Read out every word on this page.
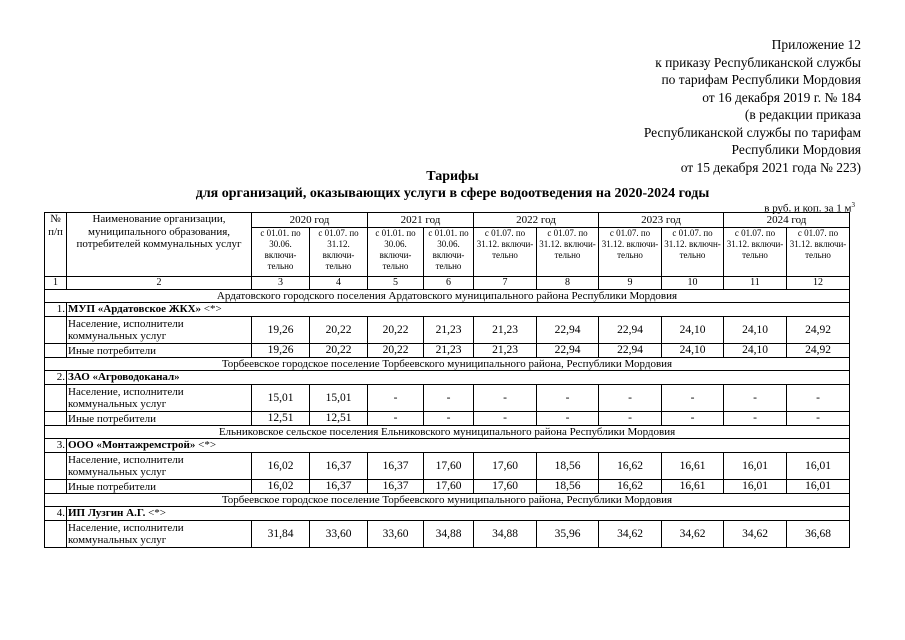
Приложение 12
к приказу Республиканской службы
по тарифам Республики Мордовия
от 16 декабря 2019 г. № 184
(в редакции приказа
Республиканской службы по тарифам
Республики Мордовия
от 15 декабря 2021 года № 223)
Тарифы
для организаций, оказывающих услуги в сфере водоотведения на 2020-2024 годы
в руб. и коп. за 1 $м^3$
№ п/п	Наименование организации, муниципального образования, потребителей коммунальных услуг	2020 год		2021 год		2022 год		2023 год		2024 год	
		с 01.01. по 30.06. включи-тельно	с 01.07. по 31.12. включи-тельно	с 01.01. по 30.06. включи-тельно	с 01.01. по 30.06. включи-тельно	с 01.07. по 31.12. включи-тельно	с 01.07. по 31.12. включи-тельно	с 01.07. по 31.12. включи-тельно	с 01.07. по 31.12. включн-тельно	с 01.07. по 31.12. включи-тельно	с 01.07. по 31.12. включи-тельно
1	2	3	4	5	6	7	8	9	10	11	12
Ардатовского городского поселения Ардатовского муниципального района Республики Мордовия											
1.	МУП «Ардатовское ЖКХ» <*>										
	Население, исполнители коммунальных услуг	19,26	20,22	20,22	21,23	21,23	22,94	22,94	24,10	24,10	24,92
	Иные потребители	19,26	20,22	20,22	21,23	21,23	22,94	22,94	24,10	24,10	24,92
Торбеевское городское поселение Торбеевского муниципального района, Республики Мордовия											
2.	ЗАО «Агроводоканал»										
	Население, исполнители коммунальных услуг	15,01	15,01	-	-	-	-	-	-	-	-
	Иные потребители	12,51	12,51	-	-	-	-	-	-	-	-
Ельниковское сельское поселения Ельниковского муниципального района Республики Мордовия											
3.	ООО «Монтажремстрой» <*>										
	Население, исполнители коммунальных услуг	16,02	16,37	16,37	17,60	17,60	18,56	16,62	16,61	16,01	16,01
	Иные потребители	16,02	16,37	16,37	17,60	17,60	18,56	16,62	16,61	16,01	16,01
Торбеевское городское поселение Торбеевского муниципального района, Республики Мордовия											
4.	ИП Лузгин А.Г. <*>										
	Население, исполнители коммунальных услуг	31,84	33,60	33,60	34,88	34,88	35,96	34,62	34,62	34,62	36,68
